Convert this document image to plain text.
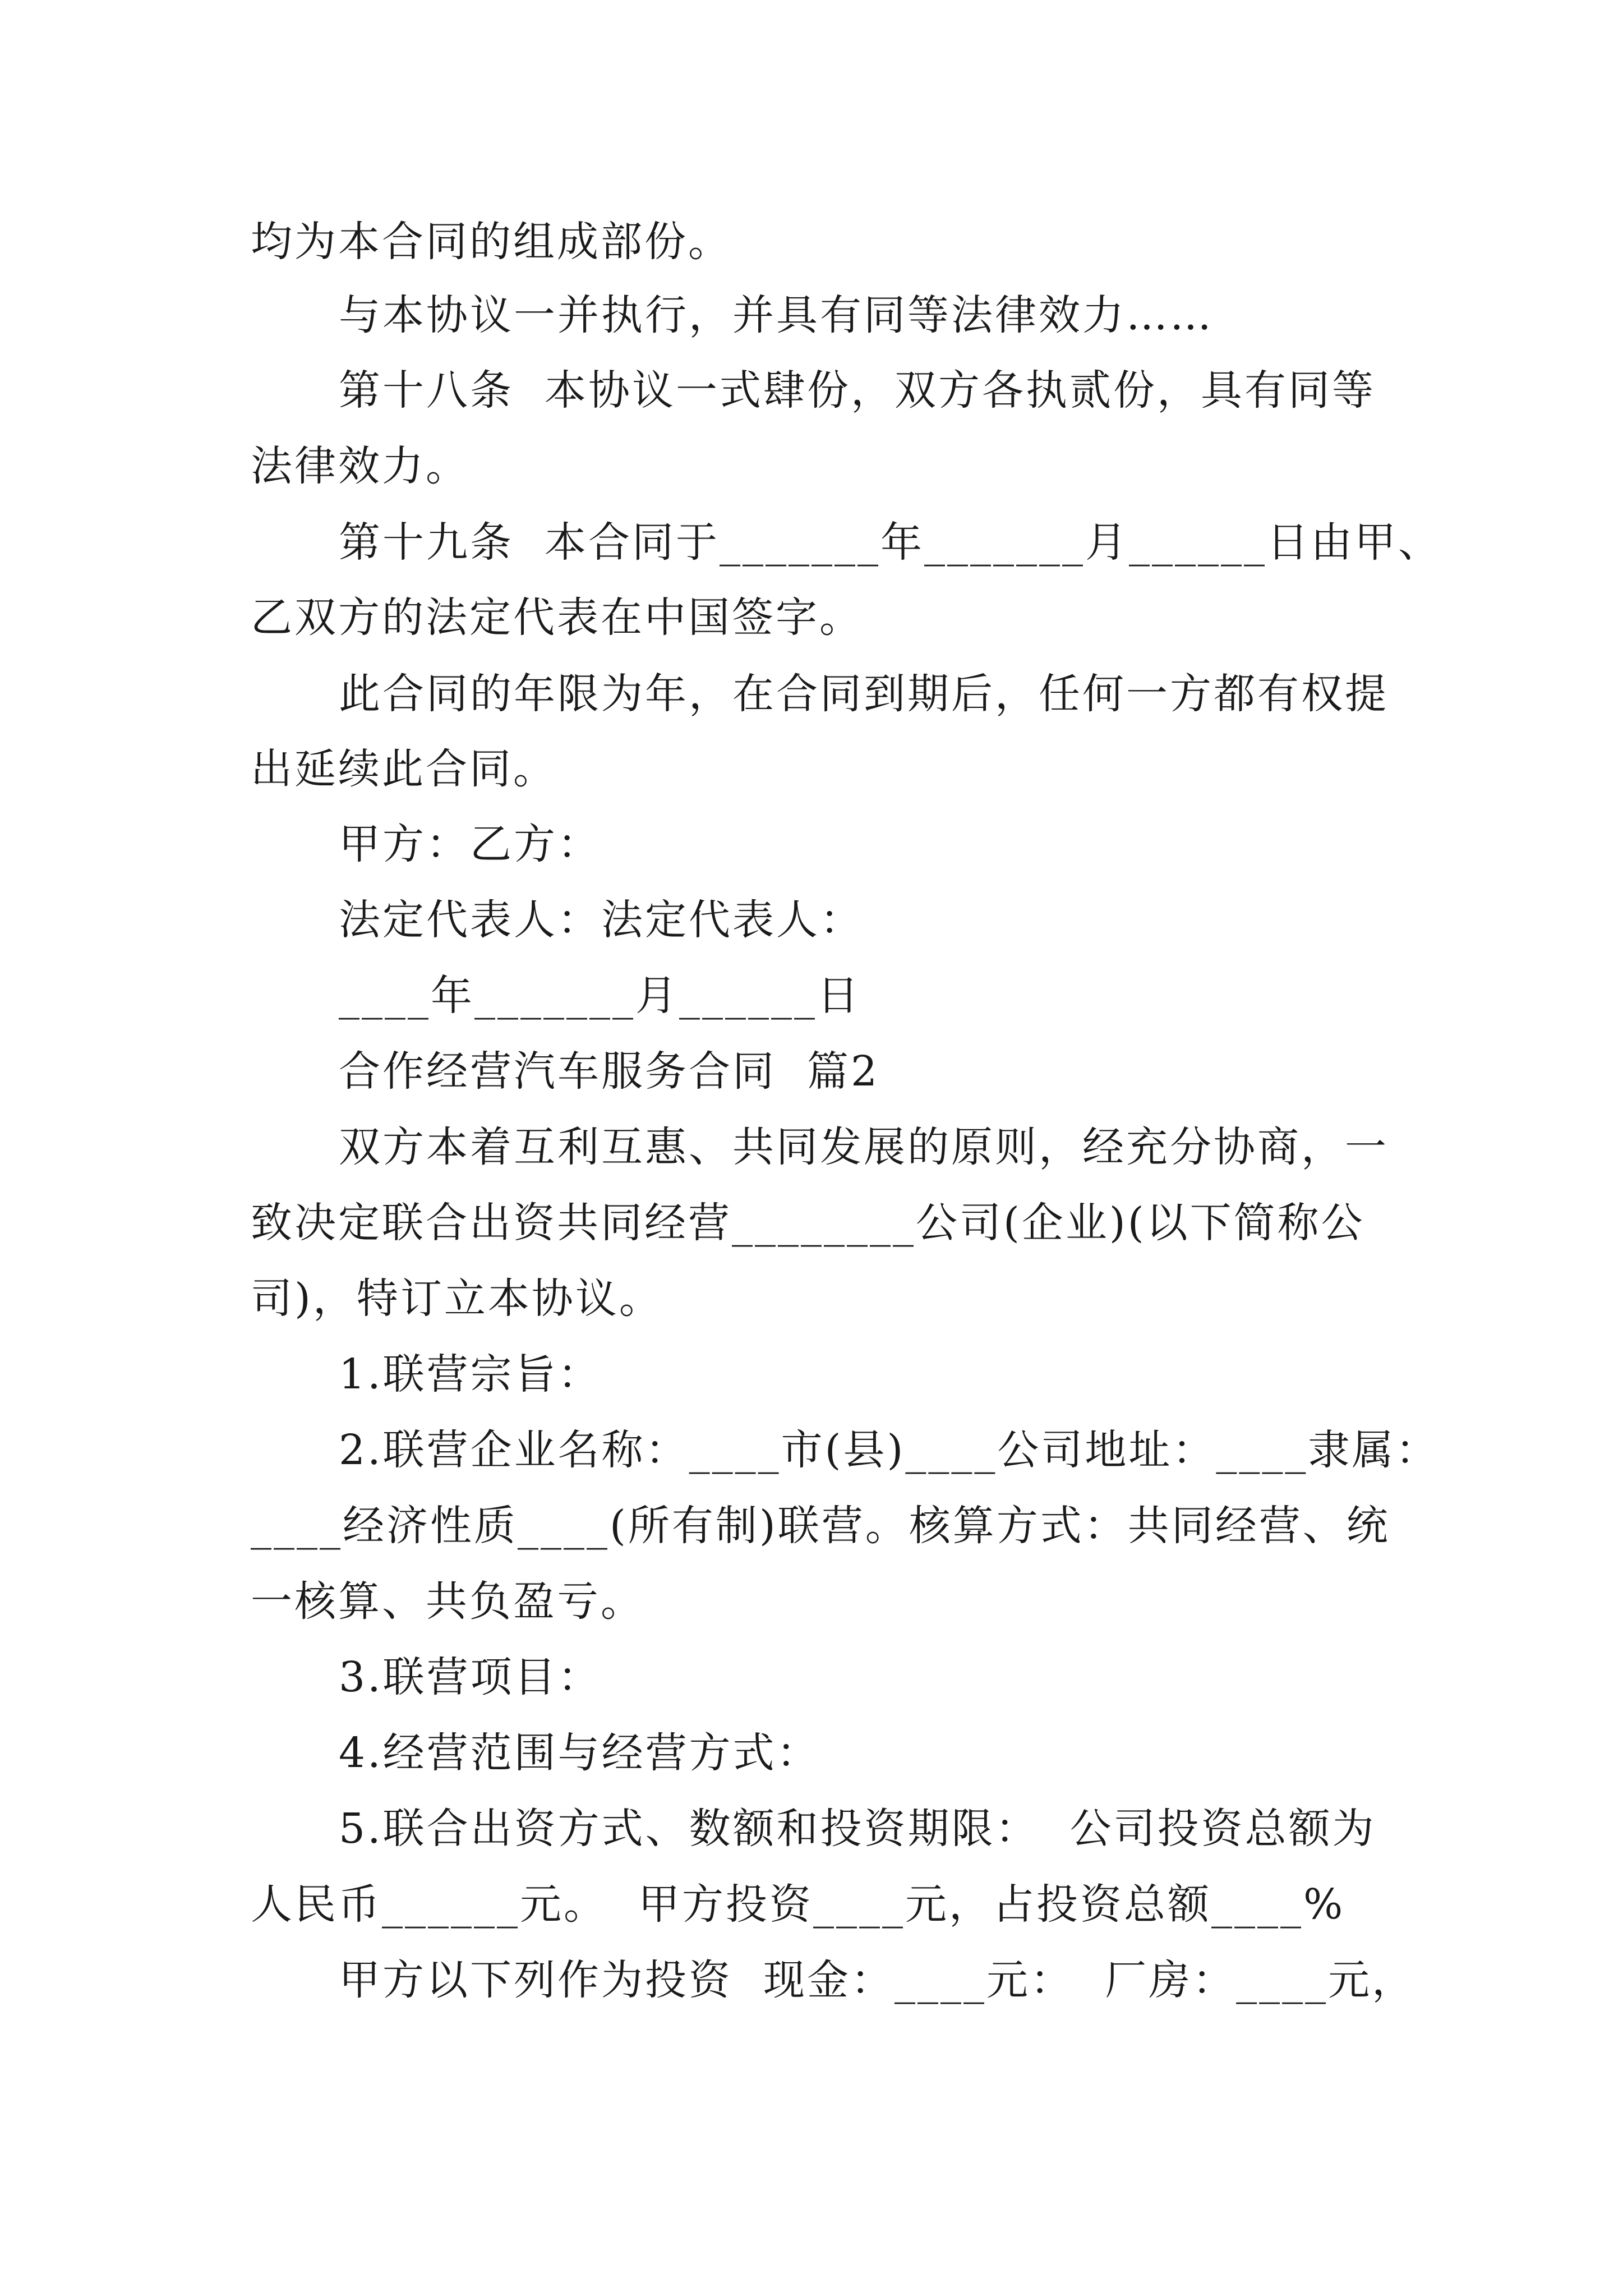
均为本合同的组成部份。
与本协议一并执行，并具有同等法律效力……
第十八条  本协议一式肆份，双方各执贰份，具有同等
法律效力。
第十九条  本合同于_______年_______月______日由甲、
乙双方的法定代表在中国签字。
此合同的年限为年，在合同到期后，任何一方都有权提
出延续此合同。
甲方：乙方：
法定代表人：法定代表人：
____年_______月______日
合作经营汽车服务合同  篇2
双方本着互利互惠、共同发展的原则，经充分协商，一
致决定联合出资共同经营________公司(企业)(以下简称公
司)，特订立本协议。
1.联营宗旨：
2.联营企业名称：____市(县)____公司地址：____隶属：
____经济性质____(所有制)联营。核算方式：共同经营、统
一核算、共负盈亏。
3.联营项目：
4.经营范围与经营方式：
5.联合出资方式、数额和投资期限：  公司投资总额为
人民币______元。  甲方投资____元，占投资总额____%
甲方以下列作为投资  现金：____元：  厂房：____元，
